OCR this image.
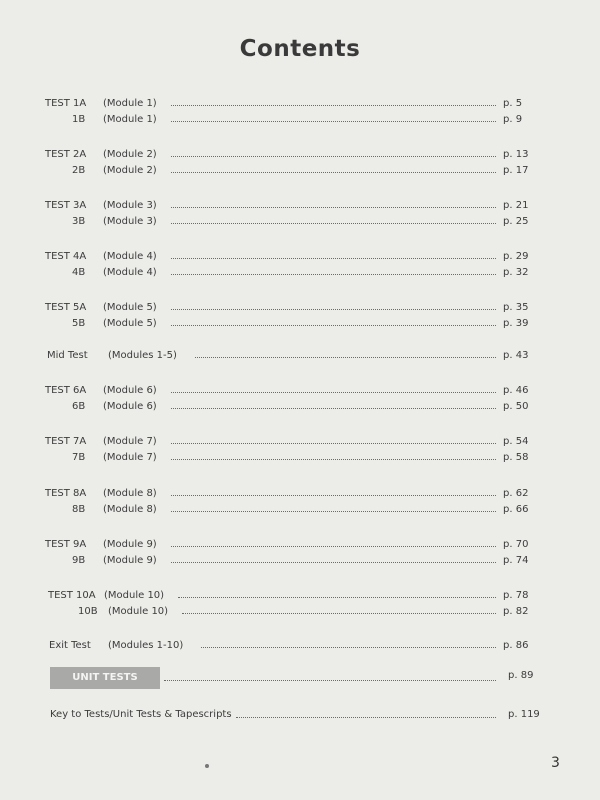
Contents
TEST 1A (Module 1)	p. 5
1B (Module 1)	p. 9
TEST 2A (Module 2)	p. 13
2B (Module 2)	p. 17
TEST 3A (Module 3)	p. 21
3B (Module 3)	p. 25
TEST 4A (Module 4)	p. 29
4B (Module 4)	p. 32
TEST 5A (Module 5)	p. 35
5B (Module 5)	p. 39
Mid Test (Modules 1-5)	p. 43
TEST 6A (Module 6)	p. 46
6B (Module 6)	p. 50
TEST 7A (Module 7)	p. 54
7B (Module 7)	p. 58
TEST 8A (Module 8)	p. 62
8B (Module 8)	p. 66
TEST 9A (Module 9)	p. 70
9B (Module 9)	p. 74
TEST 10A (Module 10)	p. 78
10B (Module 10)	p. 82
Exit Test (Modules 1-10)	p. 86
UNIT TESTS	p. 89
Key to Tests/Unit Tests & Tapescripts	p. 119
3
